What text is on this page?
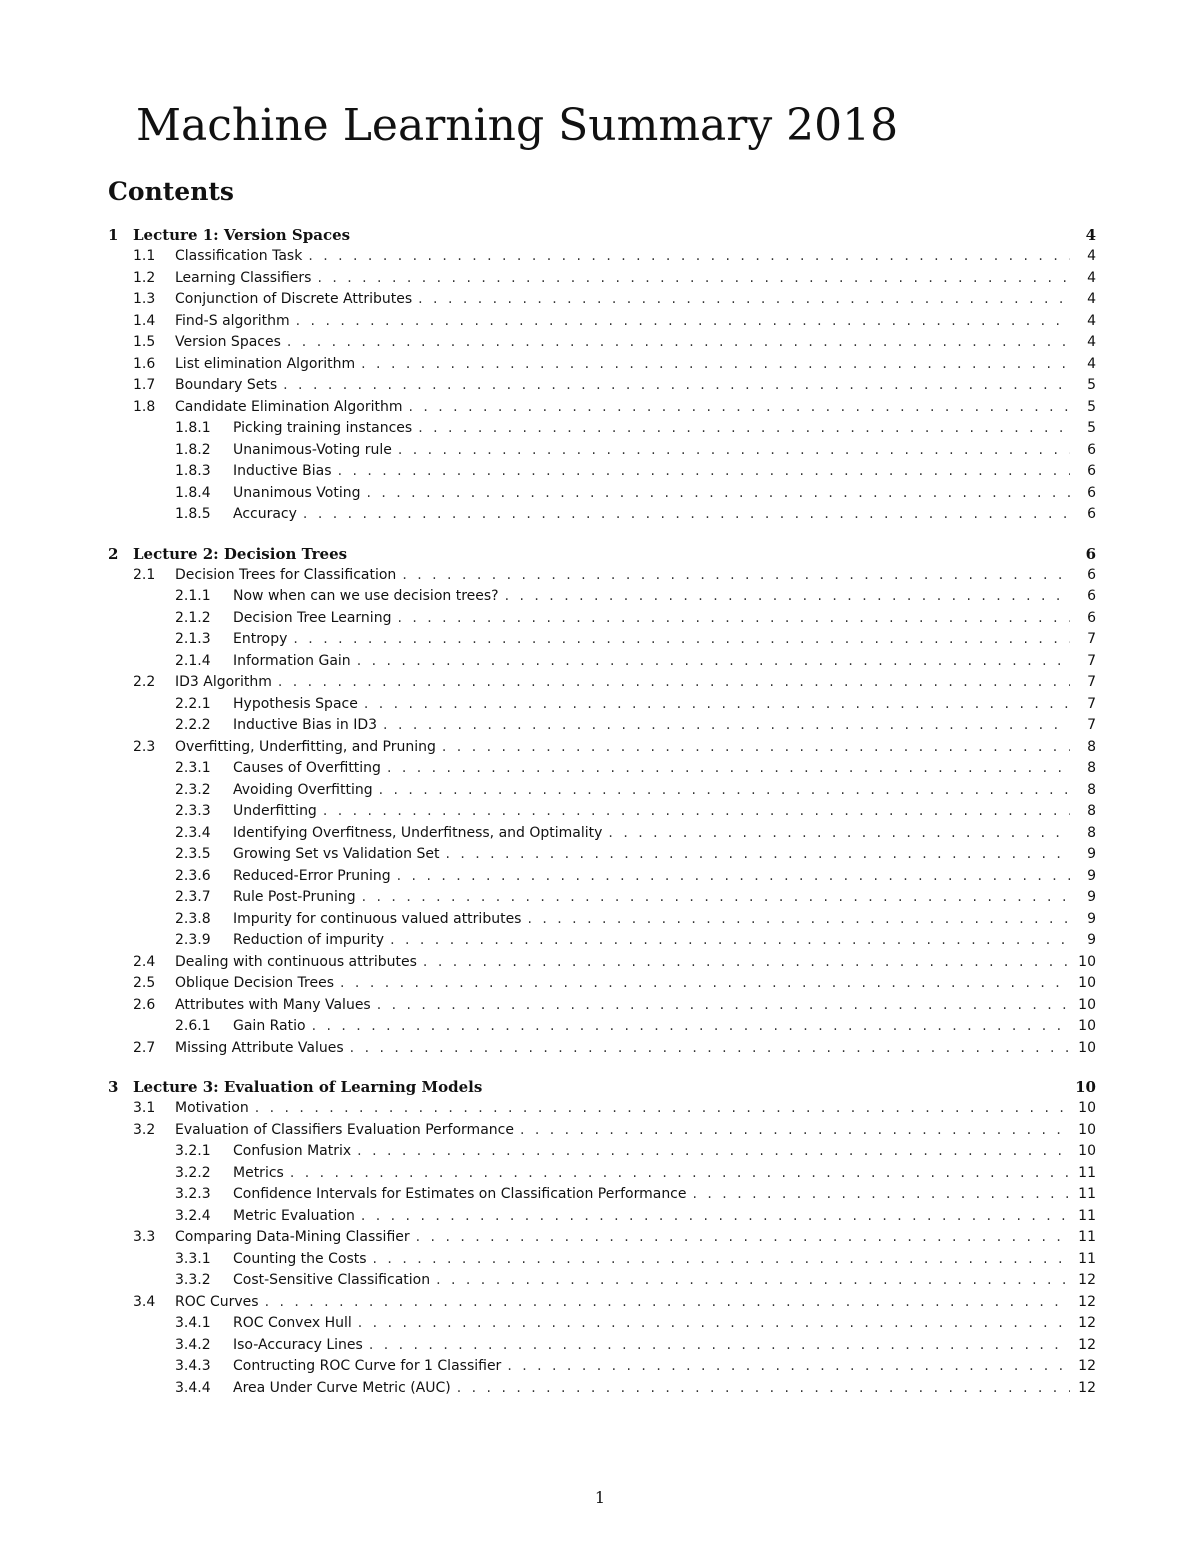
Machine Learning Summary 2018
Contents
1 Lecture 1: Version Spaces	4
1.1	Classification Task . . .	4
1.2	Learning Classifiers . . .	4
1.3	Conjunction of Discrete Attributes . . .	4
1.4	Find-S algorithm . . .	4
1.5	Version Spaces . . .	4
1.6	List elimination Algorithm . . .	4
1.7	Boundary Sets . . .	5
1.8	Candidate Elimination Algorithm . . .	5
1.8.1	Picking training instances . . .	5
1.8.2	Unanimous-Voting rule . . .	6
1.8.3	Inductive Bias . . .	6
1.8.4	Unanimous Voting . . .	6
1.8.5	Accuracy . . .	6
2 Lecture 2: Decision Trees	6
2.1	Decision Trees for Classification . . .	6
2.1.1	Now when can we use decision trees? . . .	6
2.1.2	Decision Tree Learning . . .	6
2.1.3	Entropy . . .	7
2.1.4	Information Gain . . .	7
2.2	ID3 Algorithm . . .	7
2.2.1	Hypothesis Space . . .	7
2.2.2	Inductive Bias in ID3 . . .	7
2.3	Overfitting, Underfitting, and Pruning . . .	8
2.3.1	Causes of Overfitting . . .	8
2.3.2	Avoiding Overfitting . . .	8
2.3.3	Underfitting . . .	8
2.3.4	Identifying Overfitness, Underfitness, and Optimality . . .	8
2.3.5	Growing Set vs Validation Set . . .	9
2.3.6	Reduced-Error Pruning . . .	9
2.3.7	Rule Post-Pruning . . .	9
2.3.8	Impurity for continuous valued attributes . . .	9
2.3.9	Reduction of impurity . . .	9
2.4	Dealing with continuous attributes . . .	10
2.5	Oblique Decision Trees . . .	10
2.6	Attributes with Many Values . . .	10
2.6.1	Gain Ratio . . .	10
2.7	Missing Attribute Values . . .	10
3 Lecture 3: Evaluation of Learning Models	10
3.1	Motivation . . .	10
3.2	Evaluation of Classifiers Evaluation Performance . . .	10
3.2.1	Confusion Matrix . . .	10
3.2.2	Metrics . . .	11
3.2.3	Confidence Intervals for Estimates on Classification Performance . . .	11
3.2.4	Metric Evaluation . . .	11
3.3	Comparing Data-Mining Classifier . . .	11
3.3.1	Counting the Costs . . .	11
3.3.2	Cost-Sensitive Classification . . .	12
3.4	ROC Curves . . .	12
3.4.1	ROC Convex Hull . . .	12
3.4.2	Iso-Accuracy Lines . . .	12
3.4.3	Contructing ROC Curve for 1 Classifier . . .	12
3.4.4	Area Under Curve Metric (AUC) . . .	12
1
